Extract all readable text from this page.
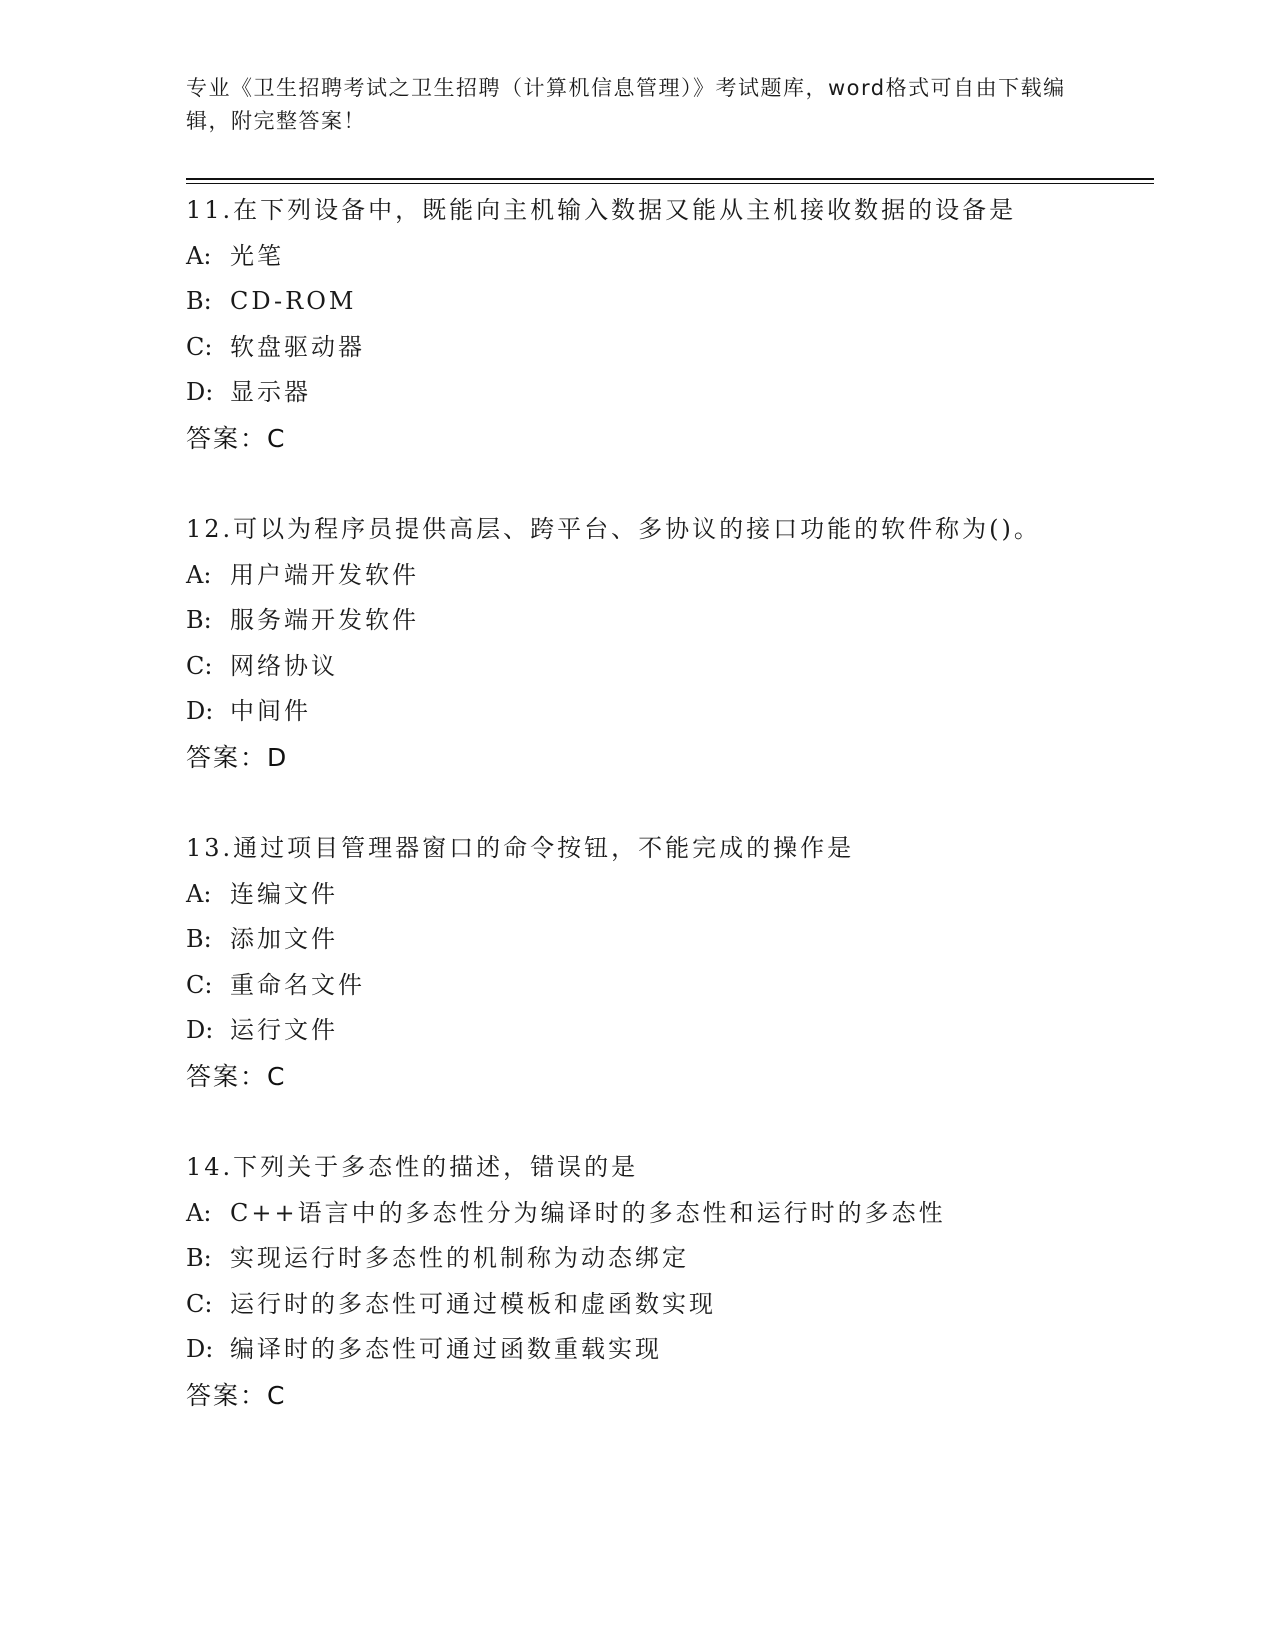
专业《卫生招聘考试之卫生招聘（计算机信息管理）》考试题库，word格式可自由下载编辑，附完整答案！
11.在下列设备中，既能向主机输入数据又能从主机接收数据的设备是
A: 光笔
B: CD-ROM
C: 软盘驱动器
D: 显示器
答案：C
12.可以为程序员提供高层、跨平台、多协议的接口功能的软件称为()。
A: 用户端开发软件
B: 服务端开发软件
C: 网络协议
D: 中间件
答案：D
13.通过项目管理器窗口的命令按钮，不能完成的操作是
A: 连编文件
B: 添加文件
C: 重命名文件
D: 运行文件
答案：C
14.下列关于多态性的描述，错误的是
A: C++语言中的多态性分为编译时的多态性和运行时的多态性
B: 实现运行时多态性的机制称为动态绑定
C: 运行时的多态性可通过模板和虚函数实现
D: 编译时的多态性可通过函数重载实现
答案：C
